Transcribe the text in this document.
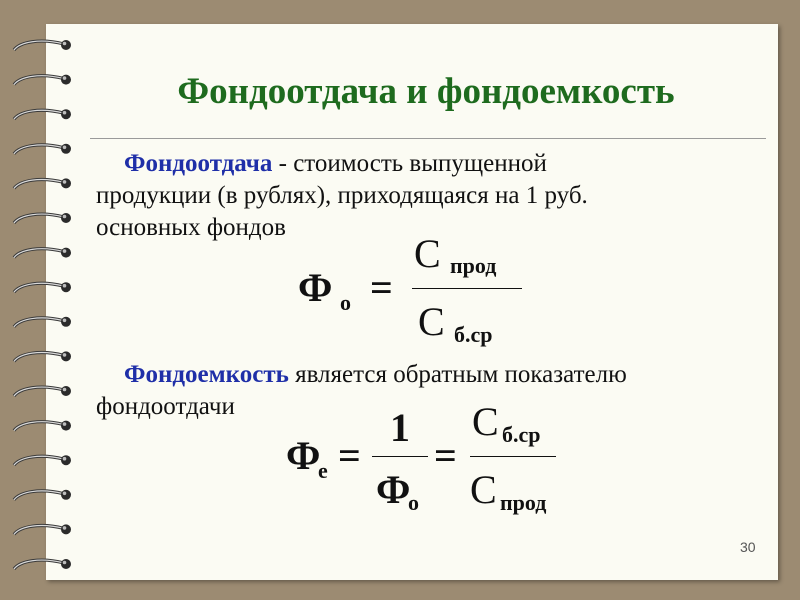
Фондоотдача и фондоемкость

Фондоотдача - стоимость выпущенной
продукции (в рублях), приходящаяся на 1 руб.
основных фондов

Ф о =
С прод
С б.ср

Фондоемкость является обратным показателю
фондоотдачи

Ф
е =
1
Ф
о
=
С б.ср
С прод
30
